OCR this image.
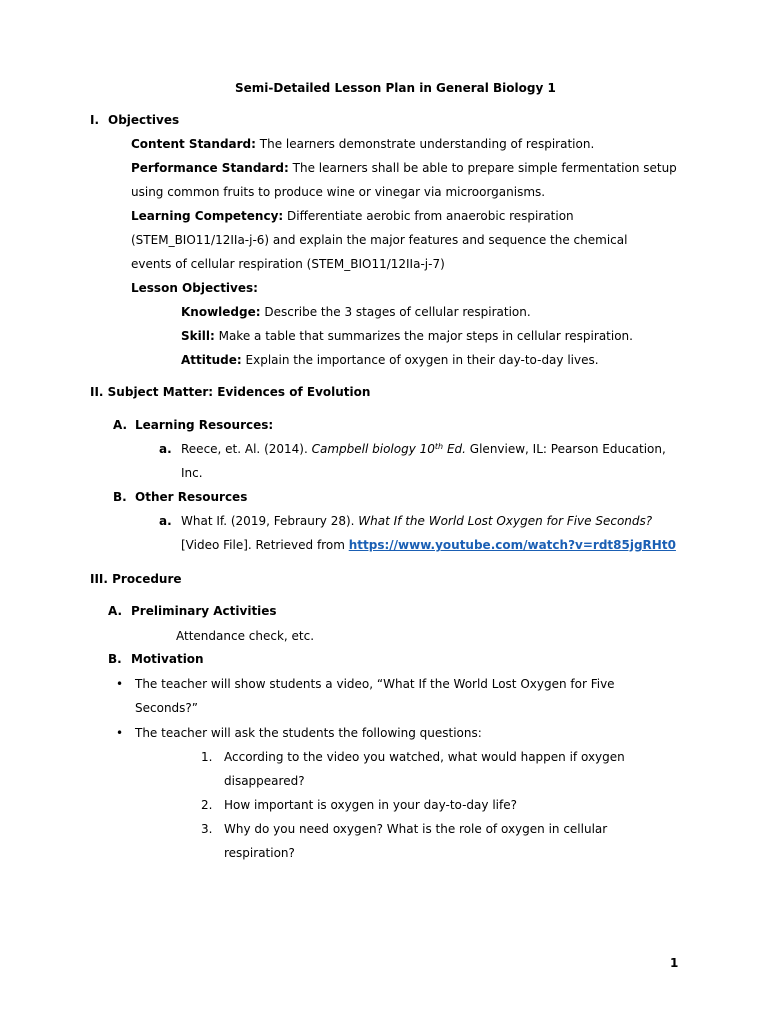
Semi-Detailed Lesson Plan in General Biology 1
I. Objectives
Content Standard: The learners demonstrate understanding of respiration.
Performance Standard: The learners shall be able to prepare simple fermentation setup
using common fruits to produce wine or vinegar via microorganisms.
Learning Competency: Differentiate aerobic from anaerobic respiration
(STEM_BIO11/12IIa-j-6) and explain the major features and sequence the chemical
events of cellular respiration (STEM_BIO11/12IIa-j-7)
Lesson Objectives:
Knowledge: Describe the 3 stages of cellular respiration.
Skill: Make a table that summarizes the major steps in cellular respiration.
Attitude: Explain the importance of oxygen in their day-to-day lives.
II. Subject Matter: Evidences of Evolution
A. Learning Resources:
a. Reece, et. Al. (2014). Campbell biology 10th Ed. Glenview, IL: Pearson Education,
Inc.
B. Other Resources
a. What If. (2019, Febraury 28). What If the World Lost Oxygen for Five Seconds?
[Video File]. Retrieved from https://www.youtube.com/watch?v=rdt85jgRHt0
III. Procedure
A. Preliminary Activities
Attendance check, etc.
B. Motivation
• The teacher will show students a video, “What If the World Lost Oxygen for Five
Seconds?”
• The teacher will ask the students the following questions:
1. According to the video you watched, what would happen if oxygen
disappeared?
2. How important is oxygen in your day-to-day life?
3. Why do you need oxygen? What is the role of oxygen in cellular
respiration?
1
